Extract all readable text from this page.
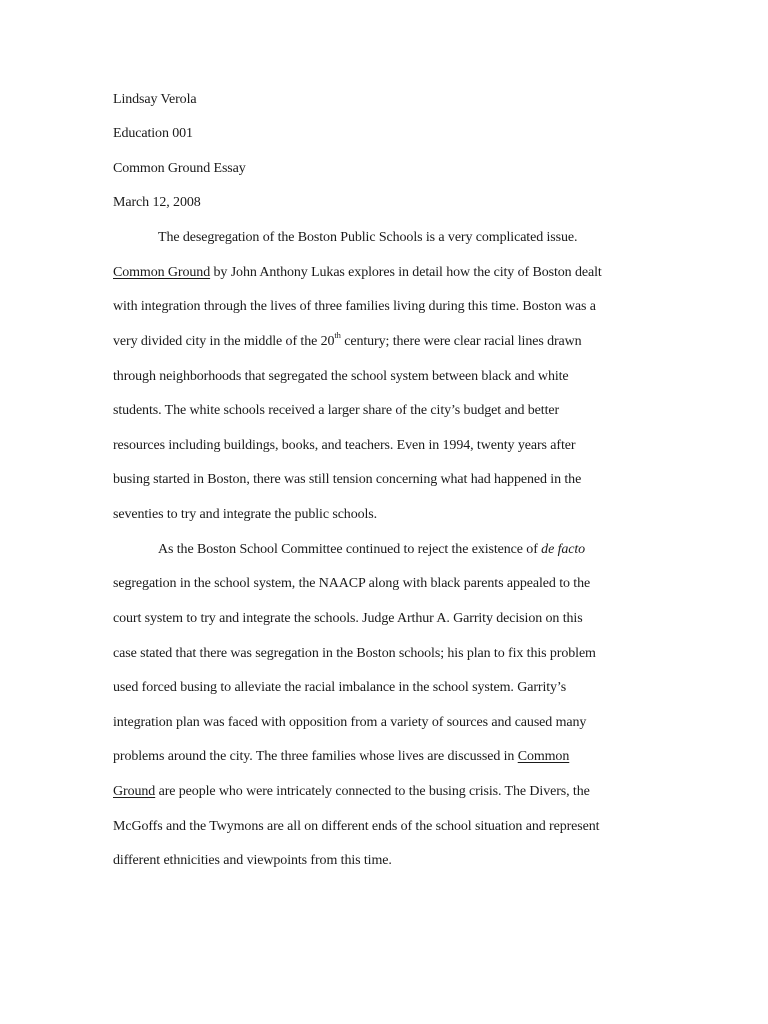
Lindsay Verola
Education 001
Common Ground Essay
March 12, 2008
The desegregation of the Boston Public Schools is a very complicated issue.
Common Ground by John Anthony Lukas explores in detail how the city of Boston dealt
with integration through the lives of three families living during this time. Boston was a
very divided city in the middle of the 20th century; there were clear racial lines drawn
through neighborhoods that segregated the school system between black and white
students. The white schools received a larger share of the city’s budget and better
resources including buildings, books, and teachers. Even in 1994, twenty years after
busing started in Boston, there was still tension concerning what had happened in the
seventies to try and integrate the public schools.
As the Boston School Committee continued to reject the existence of de facto
segregation in the school system, the NAACP along with black parents appealed to the
court system to try and integrate the schools. Judge Arthur A. Garrity decision on this
case stated that there was segregation in the Boston schools; his plan to fix this problem
used forced busing to alleviate the racial imbalance in the school system. Garrity’s
integration plan was faced with opposition from a variety of sources and caused many
problems around the city. The three families whose lives are discussed in Common
Ground are people who were intricately connected to the busing crisis. The Divers, the
McGoffs and the Twymons are all on different ends of the school situation and represent
different ethnicities and viewpoints from this time.
